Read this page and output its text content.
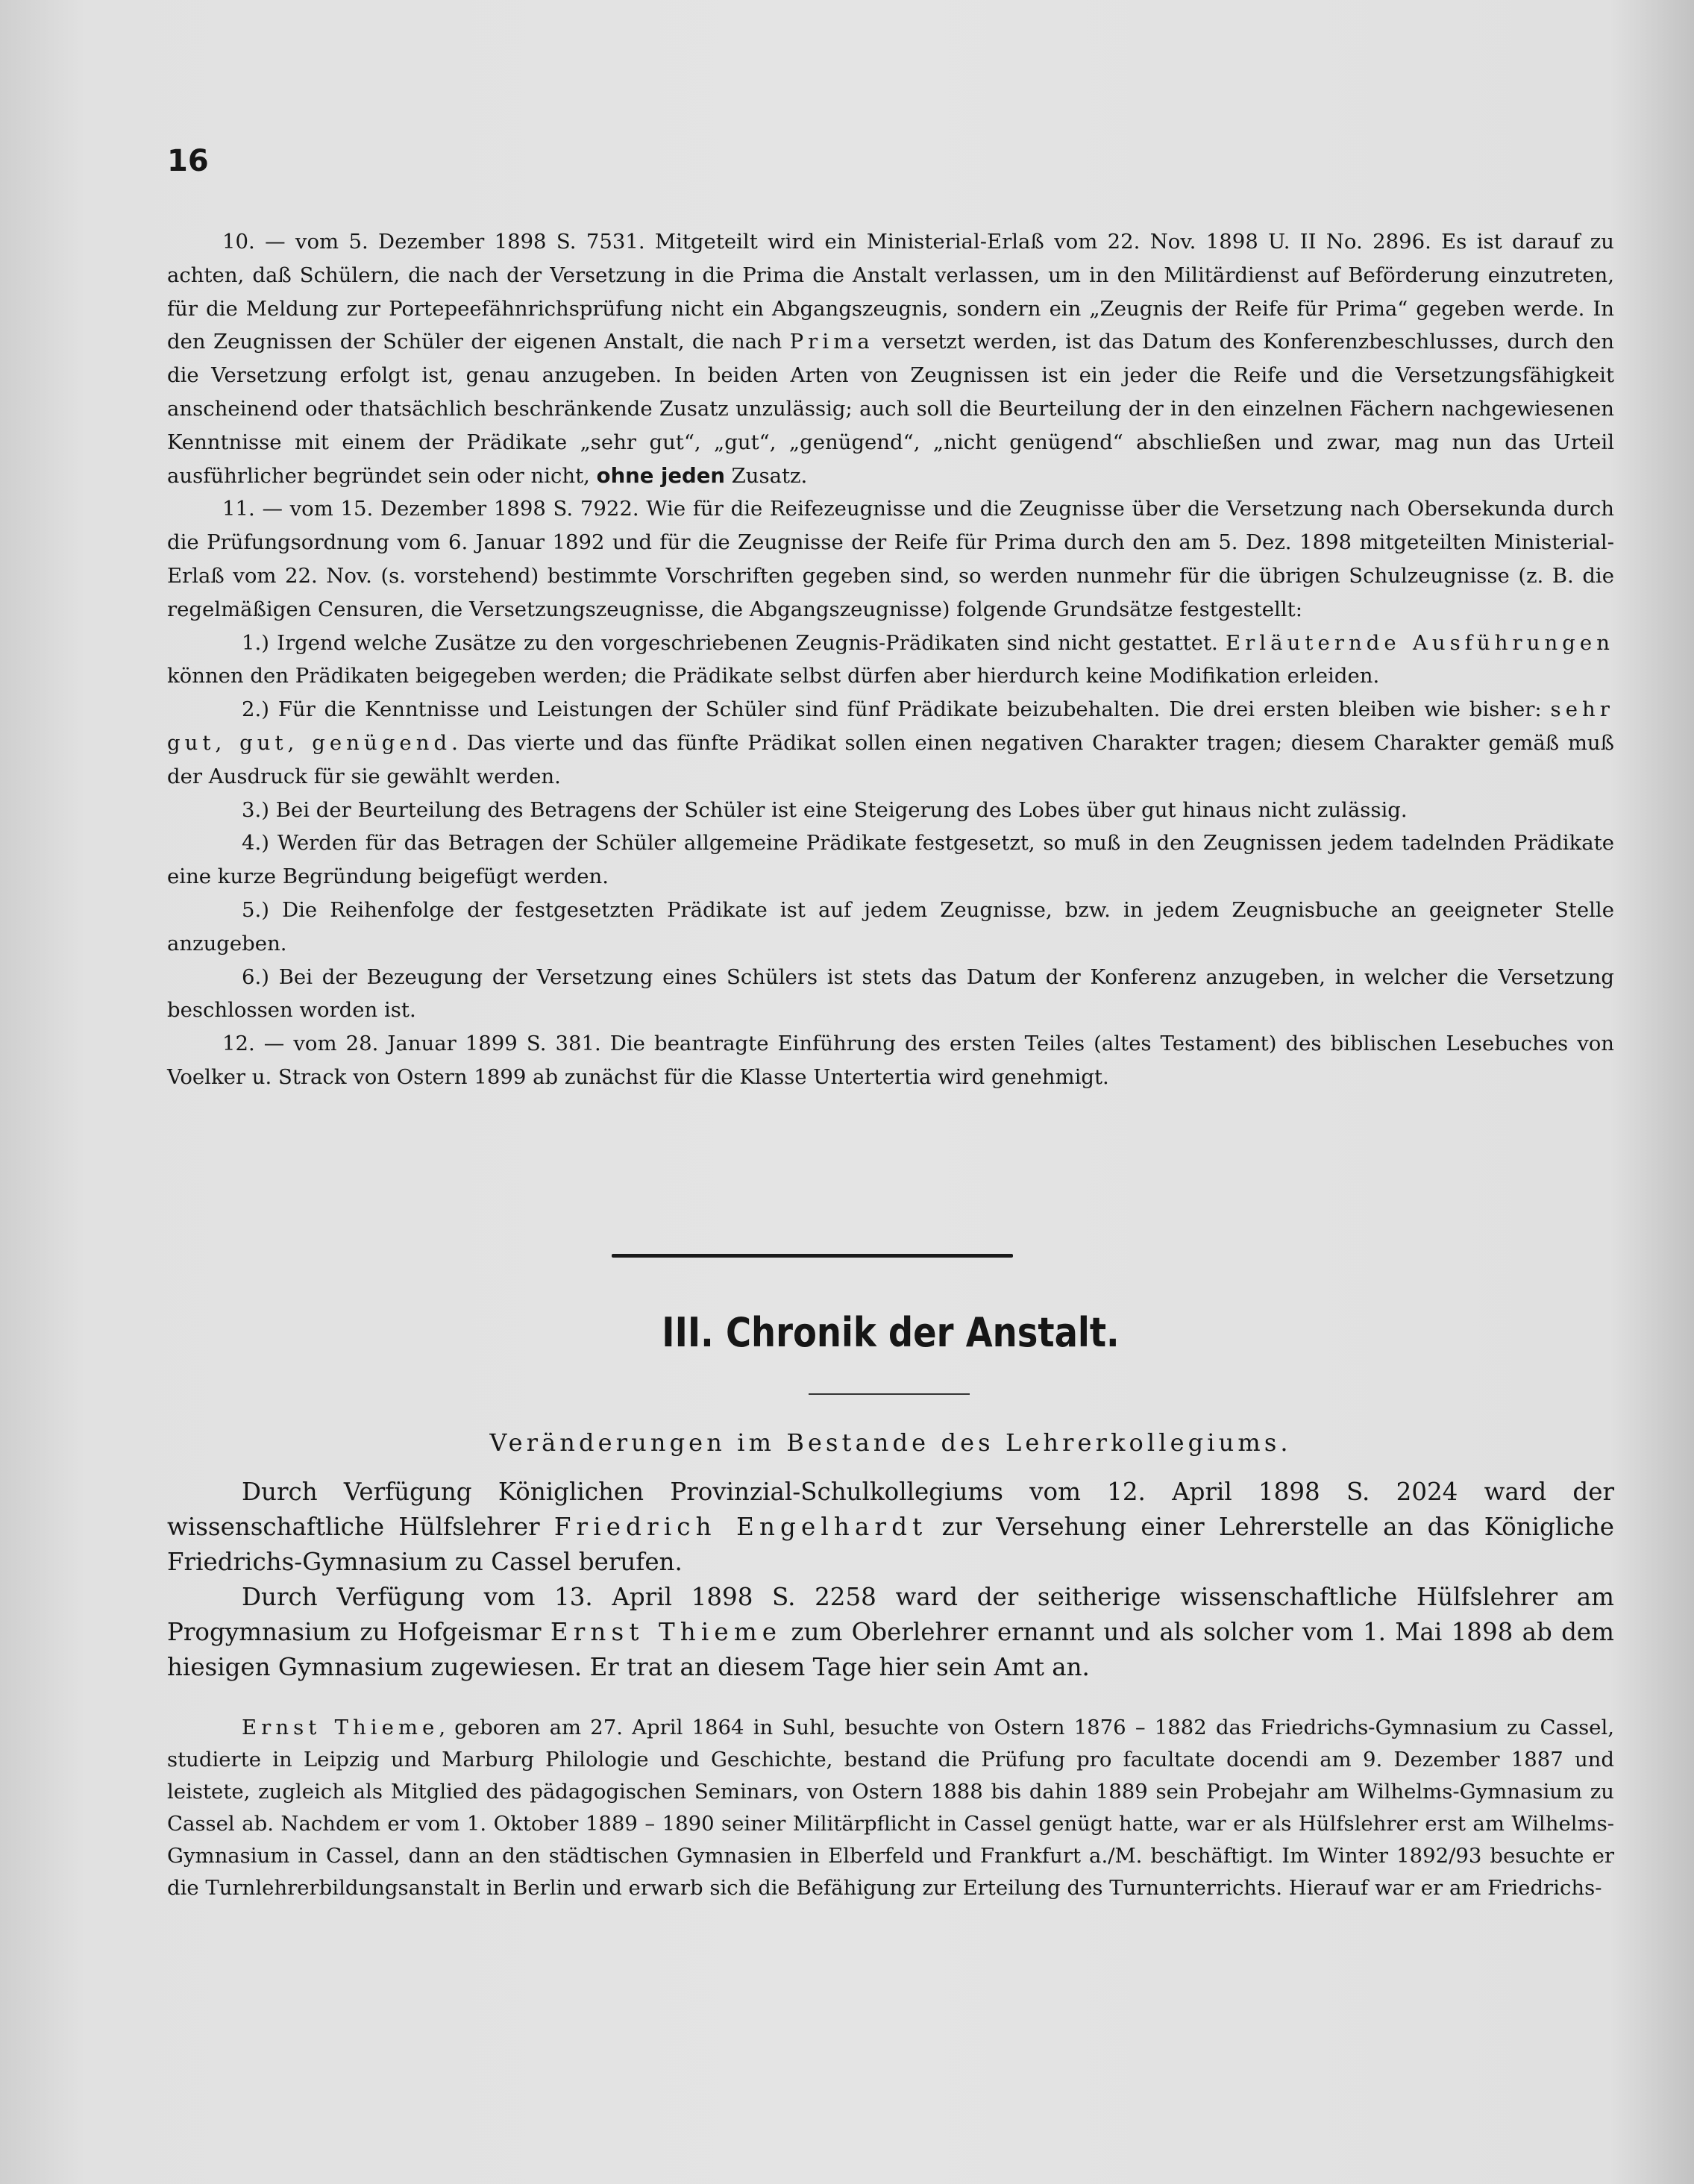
16

10. — vom 5. Dezember 1898 S. 7531. Mitgeteilt wird ein Ministerial-Erlaß vom 22. Nov. 1898 U. II No. 2896. Es ist darauf zu achten, daß Schülern, die nach der Versetzung in die Prima die Anstalt verlassen, um in den Militärdienst auf Beförderung einzutreten, für die Meldung zur Portepeefähnrichsprüfung nicht ein Abgangszeugnis, sondern ein „Zeugnis der Reife für Prima“ gegeben werde. In den Zeugnissen der Schüler der eigenen Anstalt, die nach Prima versetzt werden, ist das Datum des Konferenzbeschlusses, durch den die Versetzung erfolgt ist, genau anzugeben. In beiden Arten von Zeugnissen ist ein jeder die Reife und die Versetzungsfähigkeit anscheinend oder thatsächlich beschränkende Zusatz unzulässig; auch soll die Beurteilung der in den einzelnen Fächern nachgewiesenen Kenntnisse mit einem der Prädikate „sehr gut“, „gut“, „genügend“, „nicht genügend“ abschließen und zwar, mag nun das Urteil ausführlicher begründet sein oder nicht, ohne jeden Zusatz.

11. — vom 15. Dezember 1898 S. 7922. Wie für die Reifezeugnisse und die Zeugnisse über die Versetzung nach Obersekunda durch die Prüfungsordnung vom 6. Januar 1892 und für die Zeugnisse der Reife für Prima durch den am 5. Dez. 1898 mitgeteilten Ministerial-Erlaß vom 22. Nov. (s. vorstehend) bestimmte Vorschriften gegeben sind, so werden nunmehr für die übrigen Schulzeugnisse (z. B. die regelmäßigen Censuren, die Versetzungszeugnisse, die Abgangszeugnisse) folgende Grundsätze festgestellt:

1.) Irgend welche Zusätze zu den vorgeschriebenen Zeugnis-Prädikaten sind nicht gestattet. Erläuternde Ausführungen können den Prädikaten beigegeben werden; die Prädikate selbst dürfen aber hierdurch keine Modifikation erleiden.

2.) Für die Kenntnisse und Leistungen der Schüler sind fünf Prädikate beizubehalten. Die drei ersten bleiben wie bisher: sehr gut, gut, genügend. Das vierte und das fünfte Prädikat sollen einen negativen Charakter tragen; diesem Charakter gemäß muß der Ausdruck für sie gewählt werden.

3.) Bei der Beurteilung des Betragens der Schüler ist eine Steigerung des Lobes über gut hinaus nicht zulässig.

4.) Werden für das Betragen der Schüler allgemeine Prädikate festgesetzt, so muß in den Zeugnissen jedem tadelnden Prädikate eine kurze Begründung beigefügt werden.

5.) Die Reihenfolge der festgesetzten Prädikate ist auf jedem Zeugnisse, bzw. in jedem Zeugnisbuche an geeigneter Stelle anzugeben.

6.) Bei der Bezeugung der Versetzung eines Schülers ist stets das Datum der Konferenz anzugeben, in welcher die Versetzung beschlossen worden ist.

12. — vom 28. Januar 1899 S. 381. Die beantragte Einführung des ersten Teiles (altes Testament) des biblischen Lesebuches von Voelker u. Strack von Ostern 1899 ab zunächst für die Klasse Untertertia wird genehmigt.

III. Chronik der Anstalt.
Veränderungen im Bestande des Lehrerkollegiums.

Durch Verfügung Königlichen Provinzial-Schulkollegiums vom 12. April 1898 S. 2024 ward der wissenschaftliche Hülfslehrer Friedrich Engelhardt zur Versehung einer Lehrerstelle an das Königliche Friedrichs-Gymnasium zu Cassel berufen.

Durch Verfügung vom 13. April 1898 S. 2258 ward der seitherige wissenschaftliche Hülfslehrer am Progymnasium zu Hofgeismar Ernst Thieme zum Oberlehrer ernannt und als solcher vom 1. Mai 1898 ab dem hiesigen Gymnasium zugewiesen. Er trat an diesem Tage hier sein Amt an.

Ernst Thieme, geboren am 27. April 1864 in Suhl, besuchte von Ostern 1876 – 1882 das Friedrichs-Gymnasium zu Cassel, studierte in Leipzig und Marburg Philologie und Geschichte, bestand die Prüfung pro facultate docendi am 9. Dezember 1887 und leistete, zugleich als Mitglied des pädagogischen Seminars, von Ostern 1888 bis dahin 1889 sein Probejahr am Wilhelms-Gymnasium zu Cassel ab. Nachdem er vom 1. Oktober 1889 – 1890 seiner Militärpflicht in Cassel genügt hatte, war er als Hülfslehrer erst am Wilhelms-Gymnasium in Cassel, dann an den städtischen Gymnasien in Elberfeld und Frankfurt a./M. beschäftigt. Im Winter 1892/93 besuchte er die Turnlehrerbildungsanstalt in Berlin und erwarb sich die Befähigung zur Erteilung des Turnunterrichts. Hierauf war er am Friedrichs-
